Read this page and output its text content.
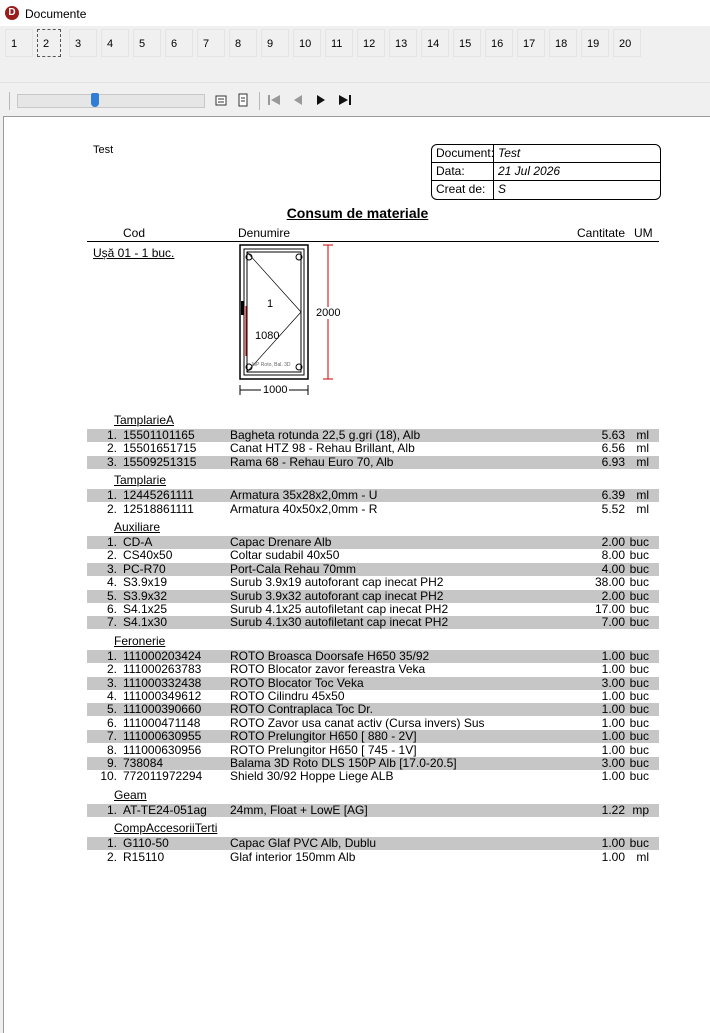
D Documente
1	2	3	4	5	6	7	8	9	10	11	12	13	14	15	16	17	18	19	20
Test	Document: Test
Data:	21 Jul 2026
Creat de: S
Consum de materiale
Cod	Denumire	Cantitate UM
Ușă 01 - 1 buc.
1
1080
MP Roto, Bal. 3D
2000
1000
TamplarieA
1. 15501101165	Bagheta rotunda 22,5 g.gri (18), Alb	5.63 ml
2. 15501651715	Canat HTZ 98 - Rehau Brillant, Alb	6.56 ml
3. 15509251315	Rama 68 - Rehau Euro 70, Alb	6.93 ml
Tamplarie
1. 12445261111	Armatura 35x28x2,0mm - U	6.39 ml
2. 12518861111	Armatura 40x50x2,0mm - R	5.52 ml
Auxiliare
1. CD-A	Capac Drenare Alb	2.00 buc
2. CS40x50	Coltar sudabil 40x50	8.00 buc
3. PC-R70	Port-Cala Rehau 70mm	4.00 buc
4. S3.9x19	Surub 3.9x19 autoforant cap inecat PH2	38.00 buc
5. S3.9x32	Surub 3.9x32 autoforant cap inecat PH2	2.00 buc
6. S4.1x25	Surub 4.1x25 autofiletant cap inecat PH2	17.00 buc
7. S4.1x30	Surub 4.1x30 autofiletant cap inecat PH2	7.00 buc
Feronerie
1. 111000203424 ROTO Broasca Doorsafe H650 35/92	1.00 buc
2. 111000263783 ROTO Blocator zavor fereastra Veka	1.00 buc
3. 111000332438 ROTO Blocator Toc Veka	3.00 buc
4. 111000349612 ROTO Cilindru 45x50	1.00 buc
5. 111000390660 ROTO Contraplaca Toc Dr.	1.00 buc
6. 111000471148 ROTO Zavor usa canat activ (Cursa invers) Sus	1.00 buc
7. 111000630955 ROTO Prelungitor H650 [ 880 - 2V]	1.00 buc
8. 111000630956 ROTO Prelungitor H650 [ 745 - 1V]	1.00 buc
9. 738084	Balama 3D Roto DLS 150P Alb [17.0-20.5]	3.00 buc
10. 772011972294 Shield 30/92 Hoppe Liege ALB	1.00 buc
Geam
1. AT-TE24-051ag 24mm, Float + LowE [AG]	1.22 mp
CompAccesoriiTerti
1. G110-50	Capac Glaf PVC Alb, Dublu	1.00 buc
2. R15110	Glaf interior 150mm Alb	1.00 ml
